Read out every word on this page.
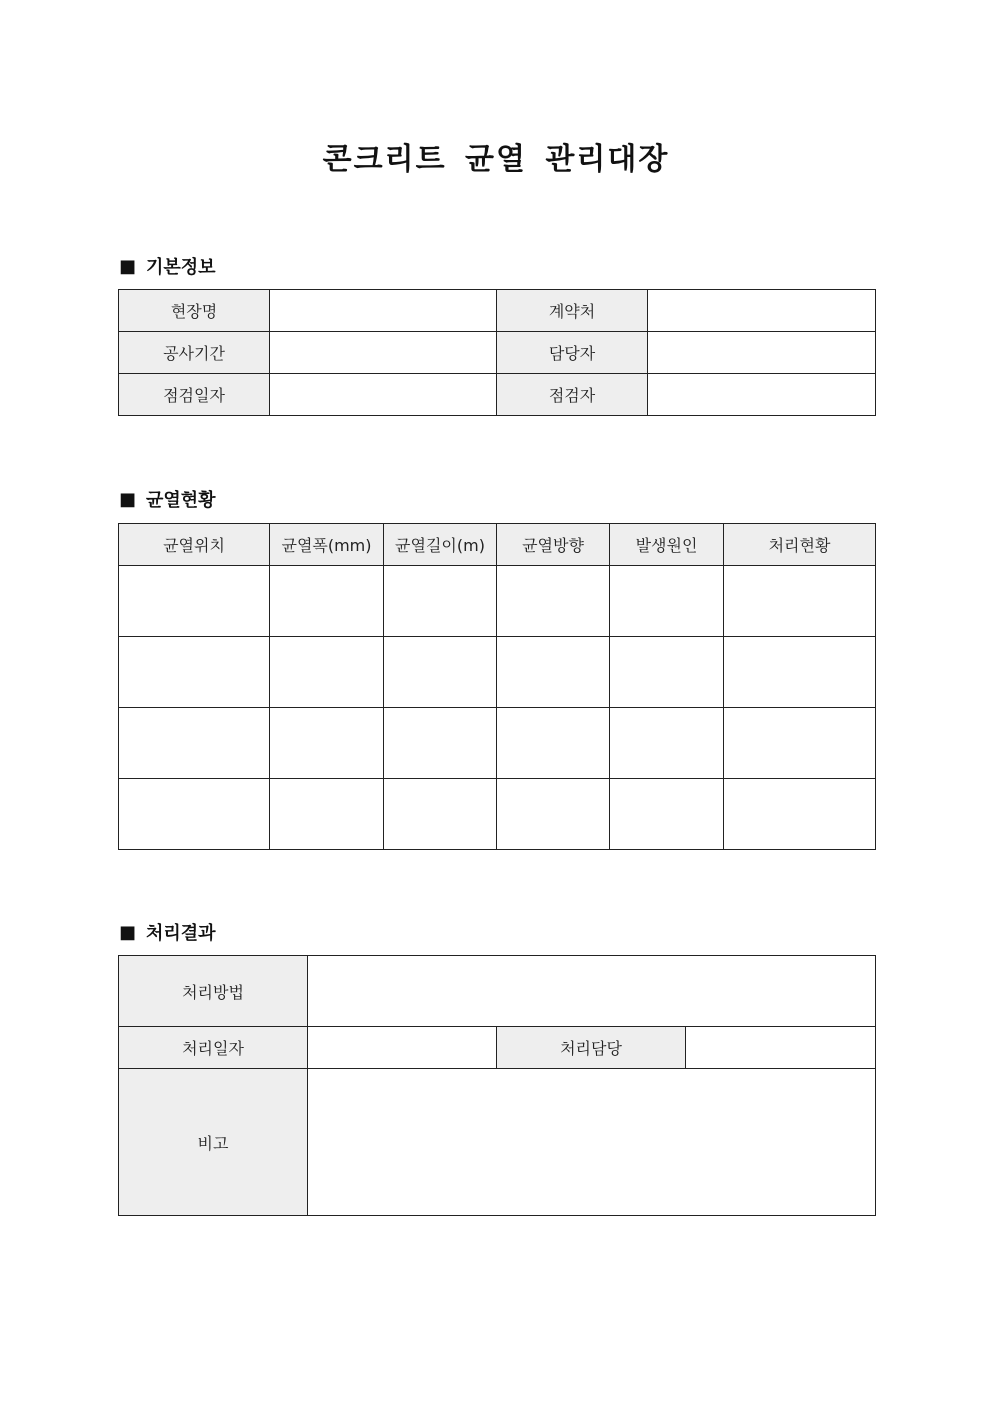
콘크리트 균열 관리대장
■ 기본정보
현장명		계약처	
공사기간		담당자	
점검일자		점검자	
■ 균열현황
균열위치	균열폭(mm)	균열길이(m)	균열방향	발생원인	처리현황

■ 처리결과
처리방법			
처리일자		처리담당	
비고			
